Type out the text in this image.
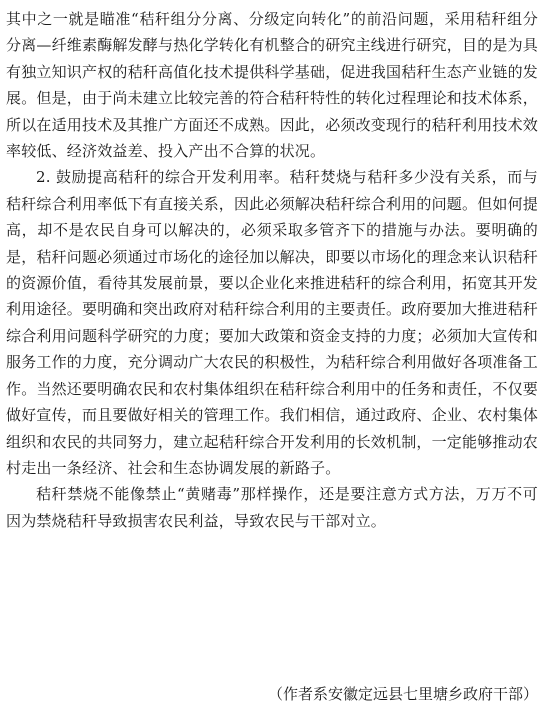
其中之一就是瞄准“秸秆组分分离、分级定向转化”的前沿问题，采用秸秆组分分离—纤维素酶解发酵与热化学转化有机整合的研究主线进行研究，目的是为具有独立知识产权的秸秆高值化技术提供科学基础，促进我国秸秆生态产业链的发展。但是，由于尚未建立比较完善的符合秸秆特性的转化过程理论和技术体系，所以在适用技术及其推广方面还不成熟。因此，必须改变现行的秸秆利用技术效率较低、经济效益差、投入产出不合算的状况。

2. 鼓励提高秸秆的综合开发利用率。秸秆焚烧与秸秆多少没有关系，而与秸秆综合利用率低下有直接关系，因此必须解决秸秆综合利用的问题。但如何提高，却不是农民自身可以解决的，必须采取多管齐下的措施与办法。要明确的是，秸秆问题必须通过市场化的途径加以解决，即要以市场化的理念来认识秸秆的资源价值，看待其发展前景，要以企业化来推进秸秆的综合利用，拓宽其开发利用途径。要明确和突出政府对秸秆综合利用的主要责任。政府要加大推进秸秆综合利用问题科学研究的力度；要加大政策和资金支持的力度；必须加大宣传和服务工作的力度，充分调动广大农民的积极性，为秸秆综合利用做好各项准备工作。当然还要明确农民和农村集体组织在秸秆综合利用中的任务和责任，不仅要做好宣传，而且要做好相关的管理工作。我们相信，通过政府、企业、农村集体组织和农民的共同努力，建立起秸秆综合开发利用的长效机制，一定能够推动农村走出一条经济、社会和生态协调发展的新路子。

秸秆禁烧不能像禁止“黄赌毒”那样操作，还是要注意方式方法，万万不可因为禁烧秸秆导致损害农民利益，导致农民与干部对立。

（作者系安徽定远县七里塘乡政府干部）
